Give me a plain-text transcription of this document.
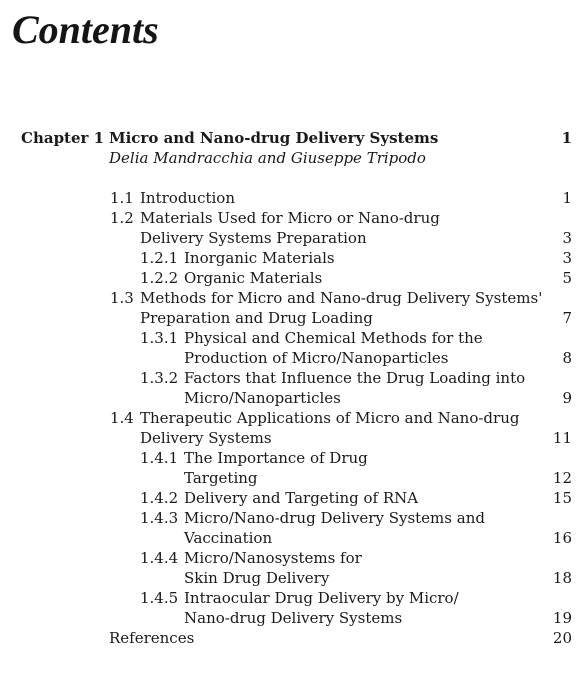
Contents
Chapter 1 Micro and Nano-drug Delivery Systems	1
Delia Mandracchia and Giuseppe Tripodo
1.1 Introduction	1
1.2 Materials Used for Micro or Nano-drug
Delivery Systems Preparation	3
1.2.1 Inorganic Materials	3
1.2.2 Organic Materials	5
1.3 Methods for Micro and Nano-drug Delivery Systems'
Preparation and Drug Loading	7
1.3.1 Physical and Chemical Methods for the
Production of Micro/Nanoparticles	8
1.3.2 Factors that Influence the Drug Loading into
Micro/Nanoparticles	9
1.4 Therapeutic Applications of Micro and Nano-drug
Delivery Systems	11
1.4.1 The Importance of Drug
Targeting	12
1.4.2 Delivery and Targeting of RNA	15
1.4.3 Micro/Nano-drug Delivery Systems and
Vaccination	16
1.4.4 Micro/Nanosystems for
Skin Drug Delivery	18
1.4.5 Intraocular Drug Delivery by Micro/
Nano-drug Delivery Systems	19
References	20
